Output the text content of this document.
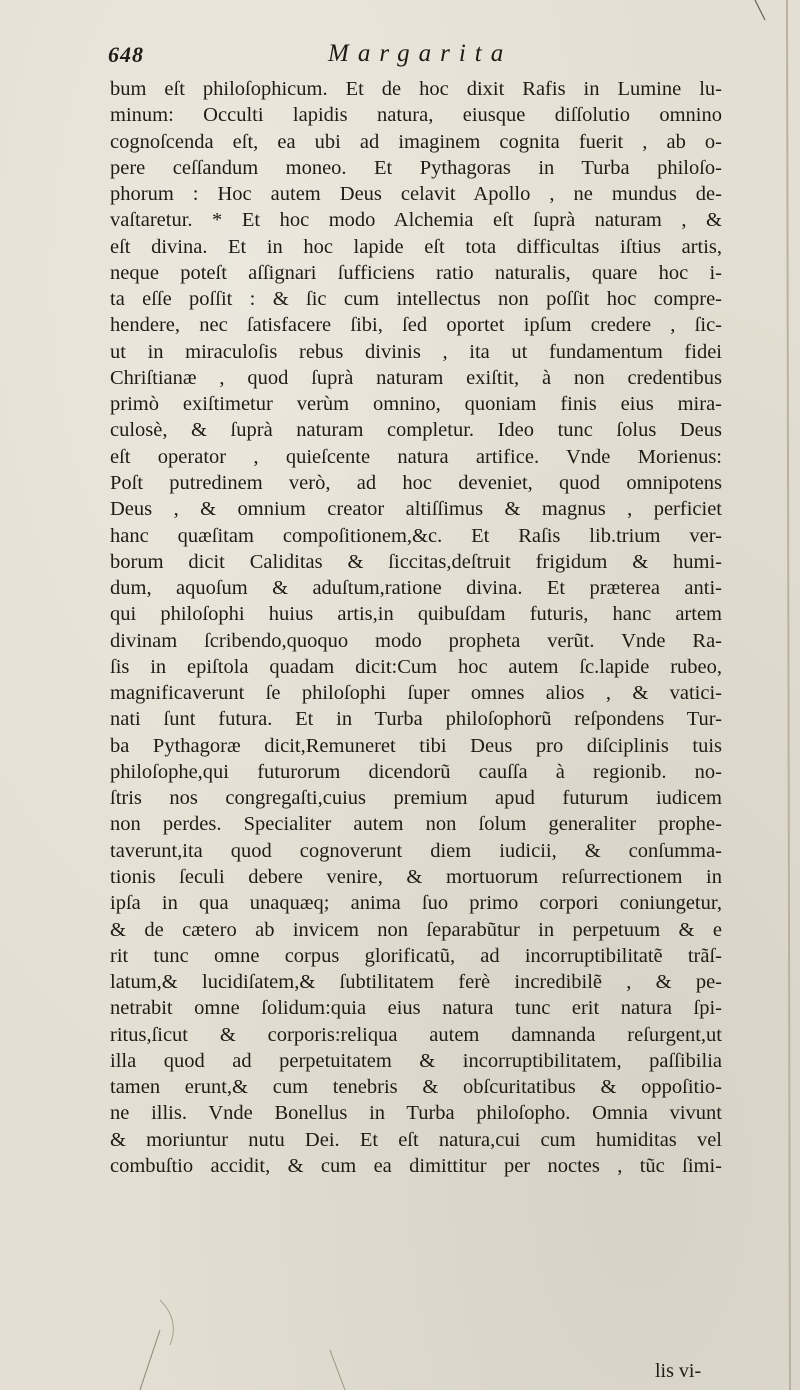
648	Margarita
bum eſt philoſophicum. Et de hoc dixit Rafis in Lumine lu-
minum: Occulti lapidis natura, eiusque diſſolutio omnino
cognoſcenda eſt, ea ubi ad imaginem cognita fuerit , ab o-
pere ceſſandum moneo. Et Pythagoras in Turba philoſo-
phorum : Hoc autem Deus celavit Apollo , ne mundus de-
vaſtaretur. * Et hoc modo Alchemia eſt ſuprà naturam , &
eſt divina. Et in hoc lapide eſt tota difficultas iſtius artis,
neque poteſt aſſignari ſufficiens ratio naturalis, quare hoc i-
ta eſſe poſſit : & ſic cum intellectus non poſſit hoc compre-
hendere, nec ſatisfacere ſibi, ſed oportet ipſum credere , ſic-
ut in miraculoſis rebus divinis , ita ut fundamentum fidei
Chriſtianæ , quod ſuprà naturam exiſtit, à non credentibus
primò exiſtimetur verùm omnino, quoniam finis eius mira-
culosè, & ſuprà naturam completur. Ideo tunc ſolus Deus
eſt operator , quieſcente natura artifice. Vnde Morienus:
Poſt putredinem verò, ad hoc deveniet, quod omnipotens
Deus , & omnium creator altiſſimus & magnus , perficiet
hanc quæſitam compoſitionem,&c. Et Raſis lib.trium ver-
borum dicit Caliditas & ſiccitas,deſtruit frigidum & humi-
dum, aquoſum & aduſtum,ratione divina. Et præterea anti-
qui philoſophi huius artis,in quibuſdam futuris, hanc artem
divinam ſcribendo,quoquo modo propheta verũt. Vnde Ra-
ſis in epiſtola quadam dicit:Cum hoc autem ſc.lapide rubeo,
magnificaverunt ſe philoſophi ſuper omnes alios , & vatici-
nati ſunt futura. Et in Turba philoſophorũ reſpondens Tur-
ba Pythagoræ dicit,Remuneret tibi Deus pro diſciplinis tuis
philoſophe,qui futurorum dicendorũ cauſſa à regionib. no-
ſtris nos congregaſti,cuius premium apud futurum iudicem
non perdes. Specialiter autem non ſolum generaliter prophe-
taverunt,ita quod cognoverunt diem iudicii, & conſumma-
tionis ſeculi debere venire, & mortuorum reſurrectionem in
ipſa in qua unaquæq; anima ſuo primo corpori coniungetur,
& de cætero ab invicem non ſeparabũtur in perpetuum & e
rit tunc omne corpus glorificatũ, ad incorruptibilitatẽ trãſ-
latum,& lucidiſatem,& ſubtilitatem ferè incredibilẽ , & pe-
netrabit omne ſolidum:quia eius natura tunc erit natura ſpi-
ritus,ſicut & corporis:reliqua autem damnanda reſurgent,ut
illa quod ad perpetuitatem & incorruptibilitatem, paſſibilia
tamen erunt,& cum tenebris & obſcuritatibus & oppoſitio-
ne illis. Vnde Bonellus in Turba philoſopho. Omnia vivunt
& moriuntur nutu Dei. Et eſt natura,cui cum humiditas vel
combuſtio accidit, & cum ea dimittitur per noctes , tũc ſimi-
lis vi-
